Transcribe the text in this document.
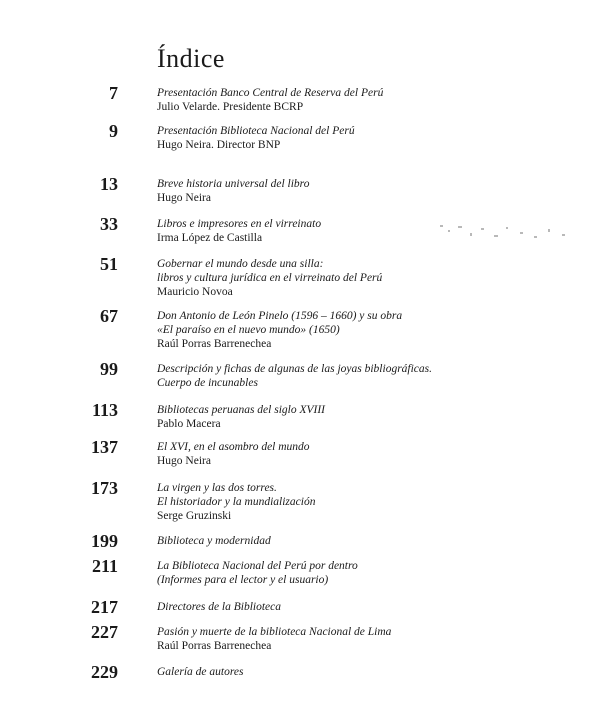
Índice
7	Presentación Banco Central de Reserva del Perú
Julio Velarde. Presidente BCRP
9	Presentación Biblioteca Nacional del Perú
Hugo Neira. Director BNP
13	Breve historia universal del libro
Hugo Neira
33	Libros e impresores en el virreinato
Irma López de Castilla
51	Gobernar el mundo desde una silla:
libros y cultura jurídica en el virreinato del Perú
Mauricio Novoa
67	Don Antonio de León Pinelo (1596 – 1660) y su obra
«El paraíso en el nuevo mundo» (1650)
Raúl Porras Barrenechea
99	Descripción y fichas de algunas de las joyas bibliográficas.
Cuerpo de incunables
113	Bibliotecas peruanas del siglo XVIII
Pablo Macera
137	El XVI, en el asombro del mundo
Hugo Neira
173	La virgen y las dos torres.
El historiador y la mundialización
Serge Gruzinski
199	Biblioteca y modernidad
211	La Biblioteca Nacional del Perú por dentro
(Informes para el lector y el usuario)
217	Directores de la Biblioteca
227	Pasión y muerte de la biblioteca Nacional de Lima
Raúl Porras Barrenechea
229	Galería de autores
